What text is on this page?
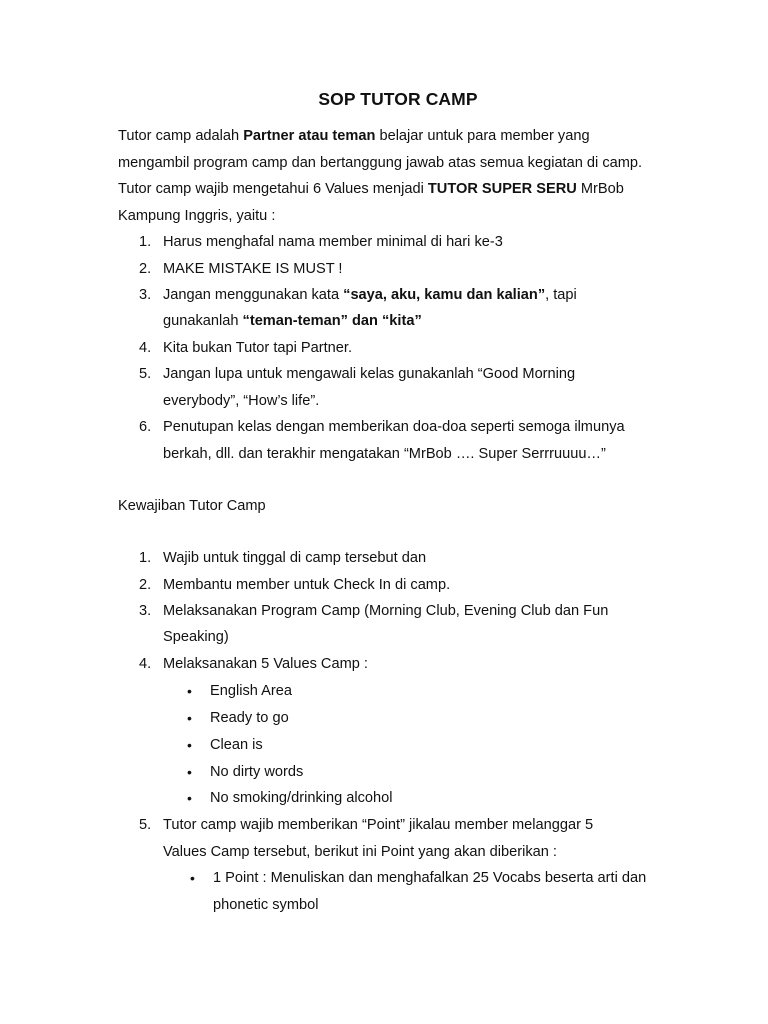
SOP TUTOR CAMP
Tutor camp adalah Partner atau teman belajar untuk para member yang
mengambil program camp dan bertanggung jawab atas semua kegiatan di camp.
Tutor camp wajib mengetahui 6 Values menjadi TUTOR SUPER SERU MrBob
Kampung Inggris, yaitu :
1. Harus menghafal nama member minimal di hari ke-3
2. MAKE MISTAKE IS MUST !
3. Jangan menggunakan kata “saya, aku, kamu dan kalian”, tapi
gunakanlah “teman-teman” dan “kita”
4. Kita bukan Tutor tapi Partner.
5. Jangan lupa untuk mengawali kelas gunakanlah “Good Morning
everybody”, “How’s life”.
6. Penutupan kelas dengan memberikan doa-doa seperti semoga ilmunya
berkah, dll. dan terakhir mengatakan “MrBob …. Super Serrruuuu…”
Kewajiban Tutor Camp
1. Wajib untuk tinggal di camp tersebut dan
2. Membantu member untuk Check In di camp.
3. Melaksanakan Program Camp (Morning Club, Evening Club dan Fun
Speaking)
4. Melaksanakan 5 Values Camp :
• English Area
• Ready to go
• Clean is
• No dirty words
• No smoking/drinking alcohol
5. Tutor camp wajib memberikan “Point” jikalau member melanggar 5
Values Camp tersebut, berikut ini Point yang akan diberikan :
• 1 Point : Menuliskan dan menghafalkan 25 Vocabs beserta arti dan
phonetic symbol
